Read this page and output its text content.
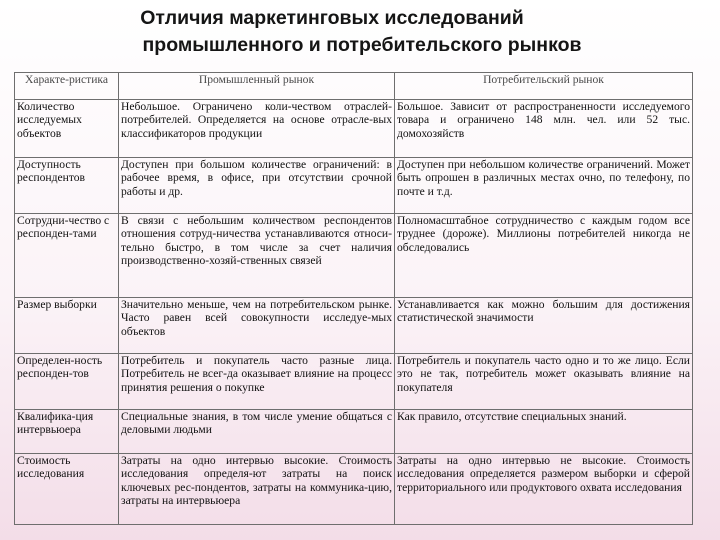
Отличия маркетинговых исследований
промышленного и потребительского рынков
Характе-ристика	Промышленный рынок	Потребительский рынок
Количество исследуемых объектов	Небольшое. Ограничено коли-чеством отраслей-потребителей. Определяется на основе отрасле-вых классификаторов продукции	Большое. Зависит от распространенности исследуемого товара и ограничено 148 млн. чел. или 52 тыс. домохозяйств
Доступность респондентов	Доступен при большом количестве ограничений: в рабочее время, в офисе, при отсутствии срочной работы и др.	Доступен при небольшом количестве ограничений. Может быть опрошен в различных местах очно, по телефону, по почте и т.д.
Сотрудни-чество с респонден-тами	В связи с небольшим количеством респондентов отношения сотруд-ничества устанавливаются относи-тельно быстро, в том числе за счет наличия производственно-хозяй-ственных связей	Полномасштабное сотрудничество с каждым годом все труднее (дороже). Миллионы потребителей никогда не обследовались
Размер выборки	Значительно меньше, чем на потребительском рынке. Часто равен всей совокупности исследуе-мых объектов	Устанавливается как можно большим для достижения статистической значимости
Определен-ность респонден-тов	Потребитель и покупатель часто разные лица. Потребитель не всег-да оказывает влияние на процесс принятия решения о покупке	Потребитель и покупатель часто одно и то же лицо. Если это не так, потребитель может оказывать влияние на покупателя
Квалифика-ция интервьюера	Специальные знания, в том числе умение общаться с деловыми людьми	Как правило, отсутствие специальных знаний.
Стоимость исследования	Затраты на одно интервью высокие. Стоимость исследования определя-ют затраты на поиск ключевых рес-пондентов, затраты на коммуника-цию, затраты на интервьюера	Затраты на одно интервью не высокие. Стоимость исследования определяется размером выборки и сферой территориального или продуктового охвата исследования
